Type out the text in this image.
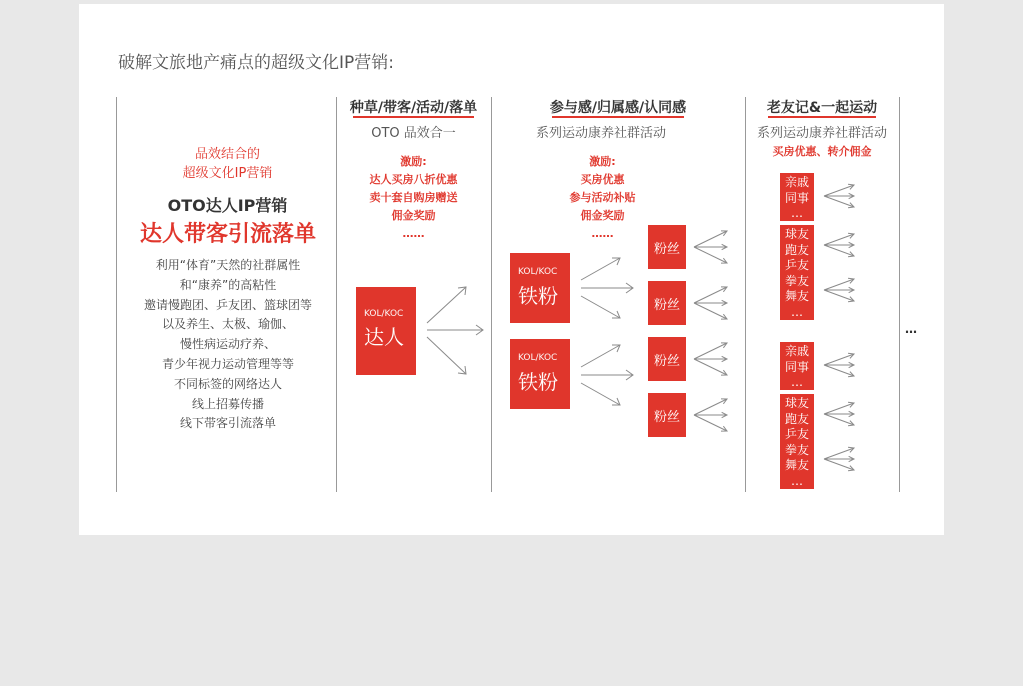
破解文旅地产痛点的超级文化IP营销:
品效结合的
超级文化IP营销
OTO达人IP营销
达人带客引流落单
利用“体育”天然的社群属性
和“康养”的高粘性
邀请慢跑团、乒友团、篮球团等
以及养生、太极、瑜伽、
慢性病运动疗养、
青少年视力运动管理等等
不同标签的网络达人
线上招募传播
线下带客引流落单
种草/带客/活动/落单
OTO 品效合一
激励:
达人买房八折优惠
卖十套自购房赠送
佣金奖励
……
KOL/KOC
达人
参与感/归属感/认同感
系列运动康养社群活动
激励:
买房优惠
参与活动补贴
佣金奖励
……
KOL/KOC
铁粉
KOL/KOC
铁粉
粉丝
粉丝
粉丝
粉丝
老友记&一起运动
系列运动康养社群活动
买房优惠、转介佣金
亲戚
同事
…
球友
跑友
乒友
拳友
舞友
…
亲戚
同事
…
球友
跑友
乒友
拳友
舞友
…
…
